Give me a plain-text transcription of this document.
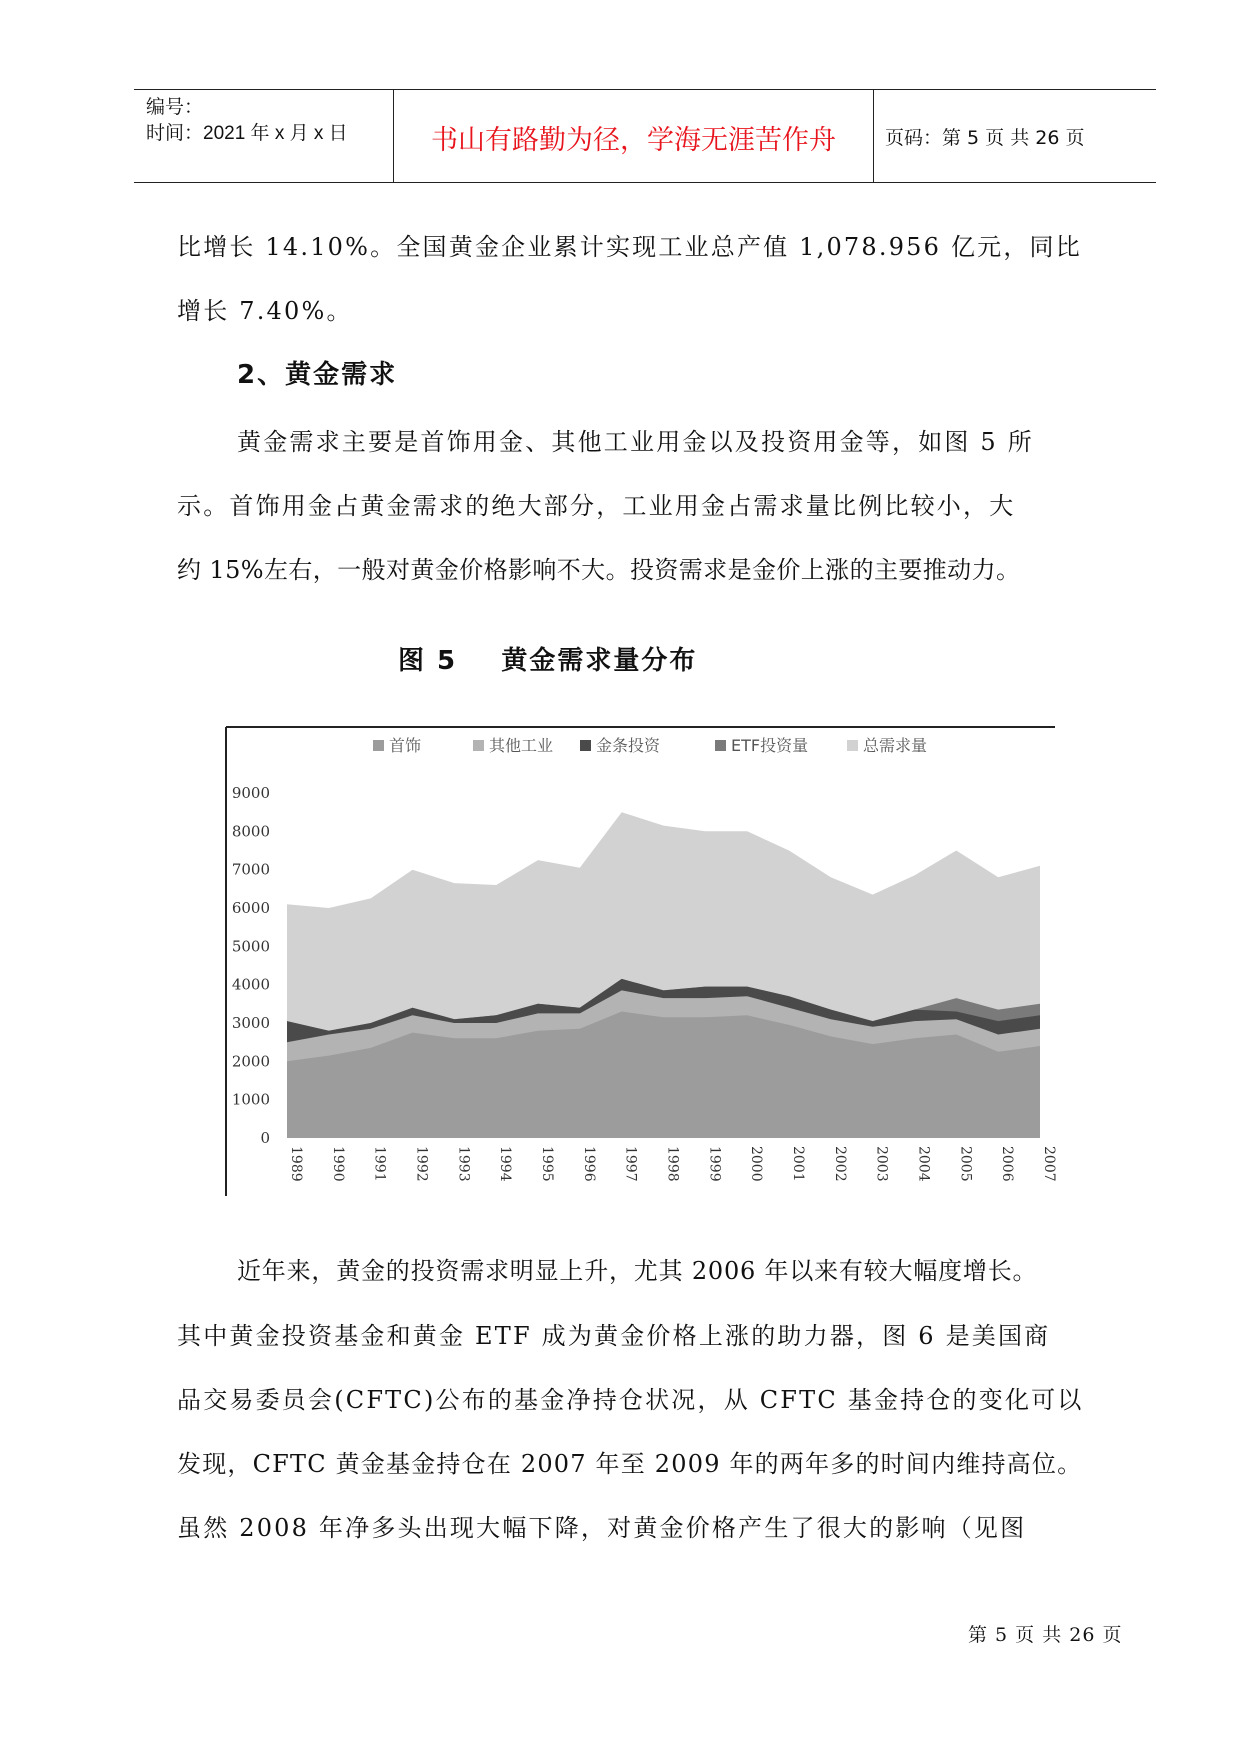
编号：
时间：2021 年 x 月 x 日	书山有路勤为径，学海无涯苦作舟	页码：第 5 页 共 26 页
比增长 14.10%。全国黄金企业累计实现工业总产值 1,078.956 亿元，同比
增长 7.40%。
2、黄金需求
黄金需求主要是首饰用金、其他工业用金以及投资用金等，如图 5 所
示。首饰用金占黄金需求的绝大部分，工业用金占需求量比例比较小，大
约 15%左右，一般对黄金价格影响不大。投资需求是金价上涨的主要推动力。
图 5    黄金需求量分布
0
1000
2000
3000
4000
5000
6000
7000
8000
9000
1989 1990 1991 1992 1993 1994 1995 1996 1997 1998 1999 2000 2001 2002 2003 2004 2005 2006 2007
首饰	其他工业	金条投资	ETF投资量	总需求量
近年来，黄金的投资需求明显上升，尤其 2006 年以来有较大幅度增长。
其中黄金投资基金和黄金 ETF 成为黄金价格上涨的助力器，图 6 是美国商
品交易委员会(CFTC)公布的基金净持仓状况，从 CFTC 基金持仓的变化可以
发现，CFTC 黄金基金持仓在 2007 年至 2009 年的两年多的时间内维持高位。
虽然 2008 年净多头出现大幅下降，对黄金价格产生了很大的影响（见图
第 5 页 共 26 页
